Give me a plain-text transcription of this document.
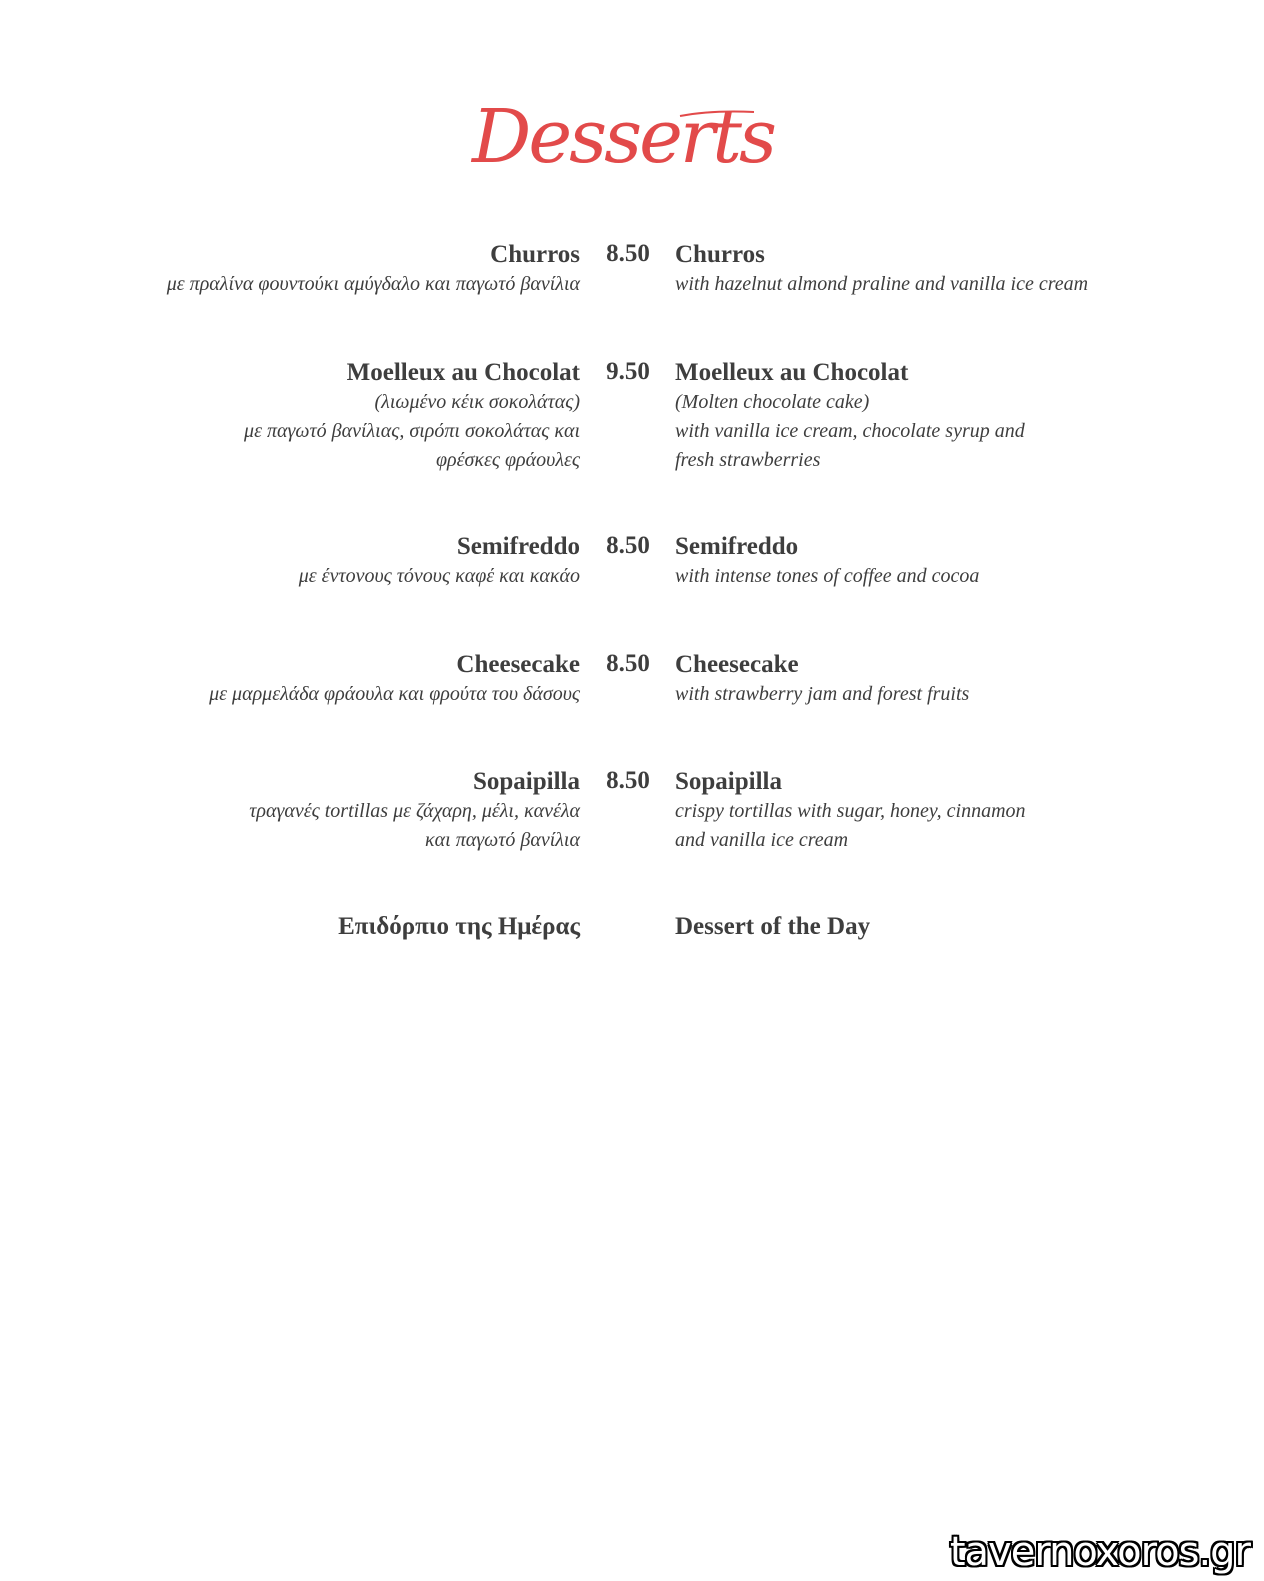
Desserts
Churros
με πραλίνα φουντούκι αμύγδαλο και παγωτό βανίλια
8.50	Churros
with hazelnut almond praline and vanilla ice cream
Moelleux au Chocolat
(λιωμένο κέικ σοκολάτας)
με παγωτό βανίλιας, σιρόπι σοκολάτας και
φρέσκες φράουλες
9.50	Moelleux au Chocolat
(Molten chocolate cake)
with vanilla ice cream, chocolate syrup and
fresh strawberries
Semifreddo
με έντονους τόνους καφέ και κακάο
8.50	Semifreddo
with intense tones of coffee and cocoa
Cheesecake
με μαρμελάδα φράουλα και φρούτα του δάσους
8.50	Cheesecake
with strawberry jam and forest fruits
Sopaipilla
τραγανές tortillas με ζάχαρη, μέλι, κανέλα
και παγωτό βανίλια
8.50	Sopaipilla
crispy tortillas with sugar, honey, cinnamon
and vanilla ice cream
Επιδόρπιο της Ημέρας	Dessert of the Day
tavernoxoros.gr
